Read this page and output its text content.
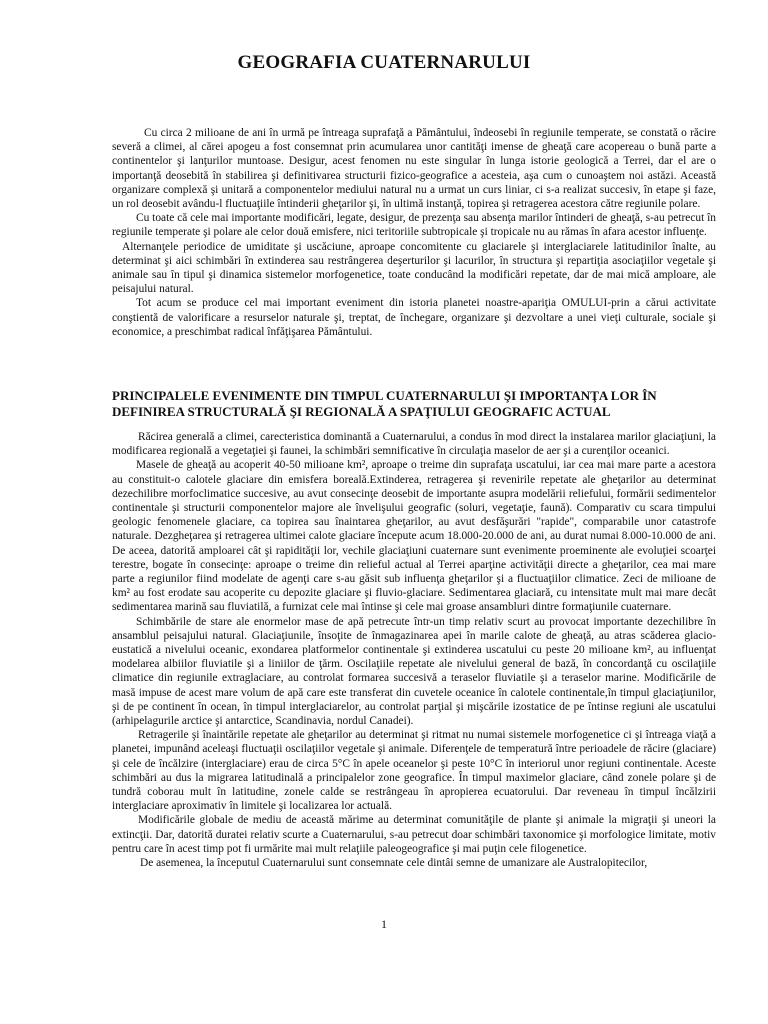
GEOGRAFIA CUATERNARULUI

Cu circa 2 milioane de ani în urmă pe întreaga suprafaţă a Pământului, îndeosebi în regiunile temperate, se constată o răcire severă a climei, al cărei apogeu a fost consemnat prin acumularea unor cantităţi imense de gheaţă care acopereau o bună parte a continentelor şi lanţurilor muntoase. Desigur, acest fenomen nu este singular în lunga istorie geologică a Terrei, dar el are o importanţă deosebită în stabilirea şi definitivarea structurii fizico-geografice a acesteia, aşa cum o cunoaştem noi astăzi. Această organizare complexă şi unitară a componentelor mediului natural nu a urmat un curs liniar, ci s-a realizat succesiv, în etape şi faze, un rol deosebit avându-l fluctuaţiile întinderii gheţarilor şi, în ultimă instanţă, topirea şi retragerea acestora către regiunile polare.

Cu toate că cele mai importante modificări, legate, desigur, de prezenţa sau absenţa marilor întinderi de gheaţă, s-au petrecut în regiunile temperate şi polare ale celor două emisfere, nici teritoriile subtropicale şi tropicale nu au rămas în afara acestor influenţe.

Alternanţele periodice de umiditate şi uscăciune, aproape concomitente cu glaciarele şi interglaciarele latitudinilor înalte, au determinat şi aici schimbări în extinderea sau restrângerea deşerturilor şi lacurilor, în structura şi repartiţia asociaţiilor vegetale şi animale sau în tipul şi dinamica sistemelor morfogenetice, toate conducând la modificări repetate, dar de mai mică amploare, ale peisajului natural.

Tot acum se produce cel mai important eveniment din istoria planetei noastre-apariţia OMULUI-prin a cărui activitate conştientă de valorificare a resurselor naturale şi, treptat, de închegare, organizare şi dezvoltare a unei vieţi culturale, sociale şi economice, a preschimbat radical înfăţişarea Pământului.

PRINCIPALELE EVENIMENTE DIN TIMPUL CUATERNARULUI ŞI IMPORTANŢA LOR ÎN DEFINIREA STRUCTURALĂ ŞI REGIONALĂ A SPAŢIULUI GEOGRAFIC ACTUAL

Răcirea generală a climei, carecteristica dominantă a Cuaternarului, a condus în mod direct la instalarea marilor glaciaţiuni, la modificarea regională a vegetaţiei şi faunei, la schimbări semnificative în circulaţia maselor de aer şi a curenţilor oceanici.

Masele de gheaţă au acoperit 40-50 milioane km², aproape o treime din suprafaţa uscatului, iar cea mai mare parte a acestora au constituit-o calotele glaciare din emisfera boreală.Extinderea, retragerea şi revenirile repetate ale gheţarilor au determinat dezechilibre morfoclimatice succesive, au avut consecinţe deosebit de importante asupra modelării reliefului, formării sedimentelor continentale şi structurii componentelor majore ale învelişului geografic (soluri, vegetaţie, faună). Comparativ cu scara timpului geologic fenomenele glaciare, ca topirea sau înaintarea gheţarilor, au avut desfăşurări "rapide", comparabile unor catastrofe naturale. Dezgheţarea şi retragerea ultimei calote glaciare începute acum 18.000-20.000 de ani, au durat numai 8.000-10.000 de ani. De aceea, datorită amploarei cât şi rapidităţii lor, vechile glaciaţiuni cuaternare sunt evenimente proeminente ale evoluţiei scoarţei terestre, bogate în consecinţe: aproape o treime din relieful actual al Terrei aparţine activităţii directe a gheţarilor, cea mai mare parte a regiunilor fiind modelate de agenţi care s-au găsit sub influenţa gheţarilor şi a fluctuaţiilor climatice. Zeci de milioane de km² au fost erodate sau acoperite cu depozite glaciare şi fluvio-glaciare. Sedimentarea glaciară, cu intensitate mult mai mare decât sedimentarea marină sau fluviatilă, a furnizat cele mai întinse şi cele mai groase ansambluri dintre formaţiunile cuaternare.

Schimbările de stare ale enormelor mase de apă petrecute într-un timp relativ scurt au provocat importante dezechilibre în ansamblul peisajului natural. Glaciaţiunile, însoţite de înmagazinarea apei în marile calote de gheaţă, au atras scăderea glacio-eustatică a nivelului oceanic, exondarea platformelor continentale şi extinderea uscatului cu peste 20 milioane km², au influenţat modelarea albiilor fluviatile şi a liniilor de ţărm. Oscilaţiile repetate ale nivelului general de bază, în concordanţă cu oscilaţiile climatice din regiunile extraglaciare, au controlat formarea succesivă a teraselor fluviatile şi a teraselor marine. Modificările de masă impuse de acest mare volum de apă care este transferat din cuvetele oceanice în calotele continentale,în timpul glaciaţiunilor, şi de pe continent în ocean, în timpul interglaciarelor, au controlat parţial şi mişcările izostatice de pe întinse regiuni ale uscatului (arhipelagurile arctice şi antarctice, Scandinavia, nordul Canadei).

Retragerile şi înaintările repetate ale gheţarilor au determinat şi ritmat nu numai sistemele morfogenetice ci şi întreaga viaţă a planetei, impunând aceleaşi fluctuaţii oscilaţiilor vegetale şi animale. Diferenţele de temperatură între perioadele de răcire (glaciare) şi cele de încălzire (interglaciare) erau de circa 5°C în apele oceanelor şi peste 10°C în interiorul unor regiuni continentale. Aceste schimbări au dus la migrarea latitudinală a principalelor zone geografice. În timpul maximelor glaciare, când zonele polare şi de tundră coborau mult în latitudine, zonele calde se restrângeau în apropierea ecuatorului. Dar reveneau în timpul încălzirii interglaciare aproximativ în limitele şi localizarea lor actuală.

Modificările globale de mediu de această mărime au determinat comunităţile de plante şi animale la migraţii şi uneori la extincţii. Dar, datorită duratei relativ scurte a Cuaternarului, s-au petrecut doar schimbări taxonomice şi morfologice limitate, motiv pentru care în acest timp pot fi urmărite mai mult relaţiile paleogeografice şi mai puţin cele filogenetice.

De asemenea, la începutul Cuaternarului sunt consemnate cele dintâi semne de umanizare ale Australopitecilor,

1
